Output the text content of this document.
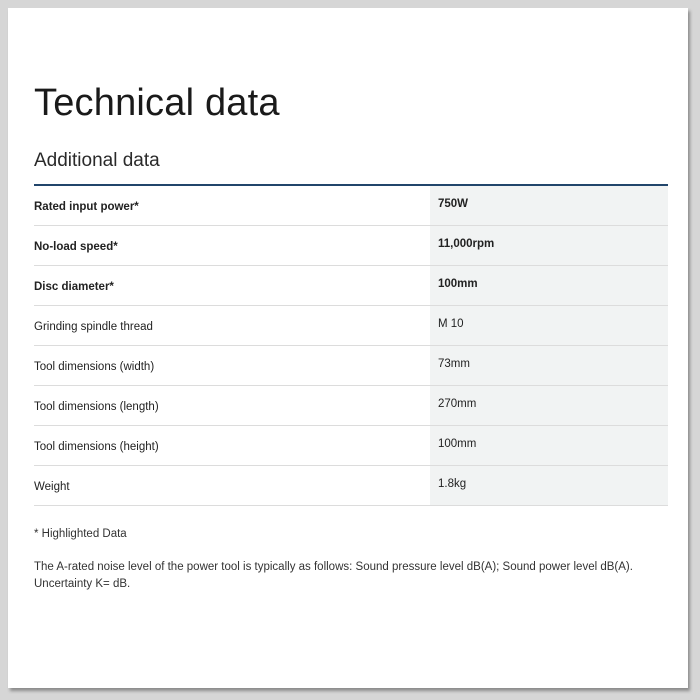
Technical data
Additional data
Rated input power*	750W
No-load speed*	11,000rpm
Disc diameter*	100mm
Grinding spindle thread	M 10
Tool dimensions (width)	73mm
Tool dimensions (length)	270mm
Tool dimensions (height)	100mm
Weight	1.8kg

* Highlighted Data

The A-rated noise level of the power tool is typically as follows: Sound pressure level dB(A); Sound power level dB(A). Uncertainty K= dB.
